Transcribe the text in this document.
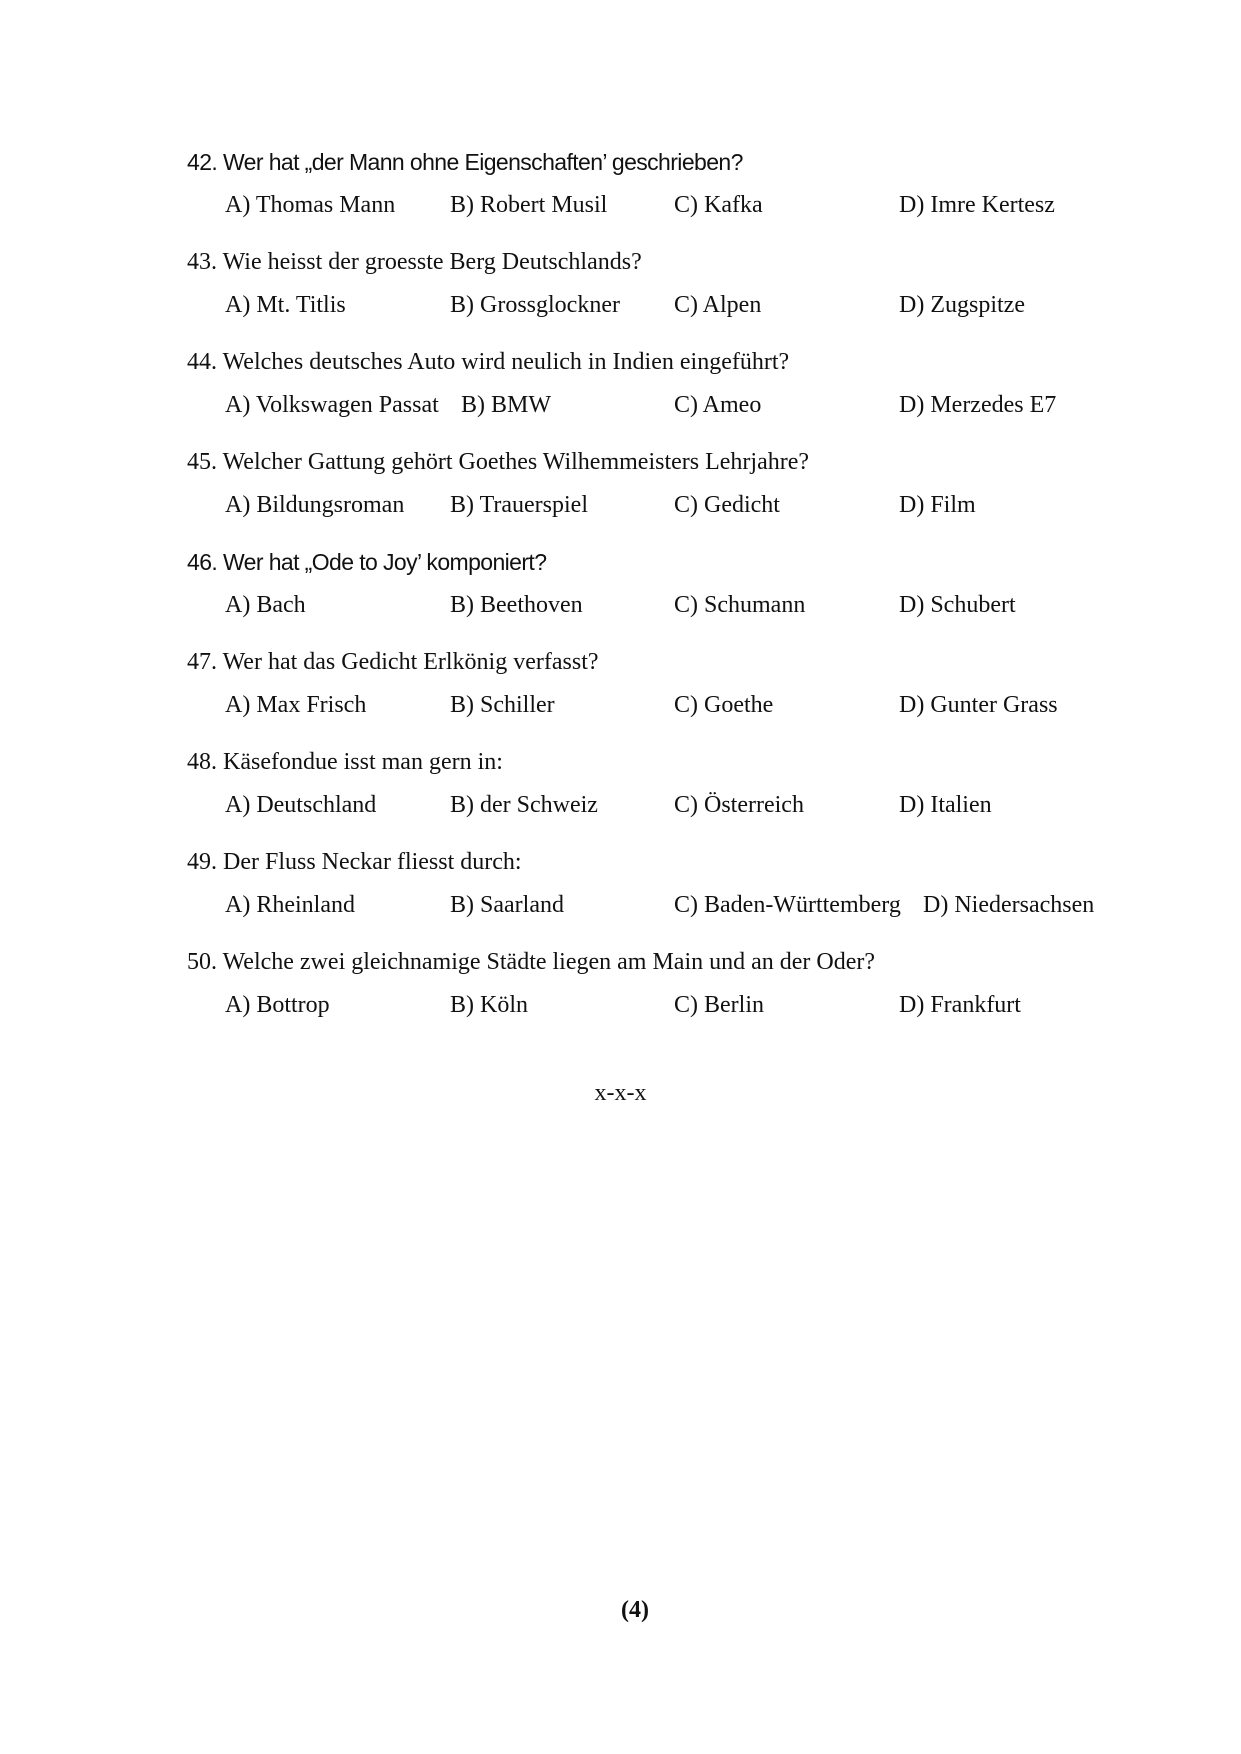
42. Wer hat „der Mann ohne Eigenschaften’ geschrieben?
A) Thomas Mann B) Robert Musil	C) Kafka	D) Imre Kertesz
43. Wie heisst der groesste Berg Deutschlands?
A) Mt. Titlis	B) Grossglockner C) Alpen	D) Zugspitze
44. Welches deutsches Auto wird neulich in Indien eingeführt?
A) Volkswagen Passat B) BMW	C) Ameo	D) Merzedes E7
45. Welcher Gattung gehört Goethes Wilhemmeisters Lehrjahre?
A) Bildungsroman B) Trauerspiel	C) Gedicht	D) Film
46. Wer hat „Ode to Joy’ komponiert?
A) Bach	B) Beethoven	C) Schumann	D) Schubert
47. Wer hat das Gedicht Erlkönig verfasst?
A) Max Frisch	B) Schiller	C) Goethe	D) Gunter Grass
48. Käsefondue isst man gern in:
A) Deutschland	B) der Schweiz	C) Österreich	D) Italien
49. Der Fluss Neckar fliesst durch:
A) Rheinland	B) Saarland	C) Baden-Württemberg D) Niedersachsen
50. Welche zwei gleichnamige Städte liegen am Main und an der Oder?
A) Bottrop	B) Köln	C) Berlin	D) Frankfurt
x-x-x
(4)
